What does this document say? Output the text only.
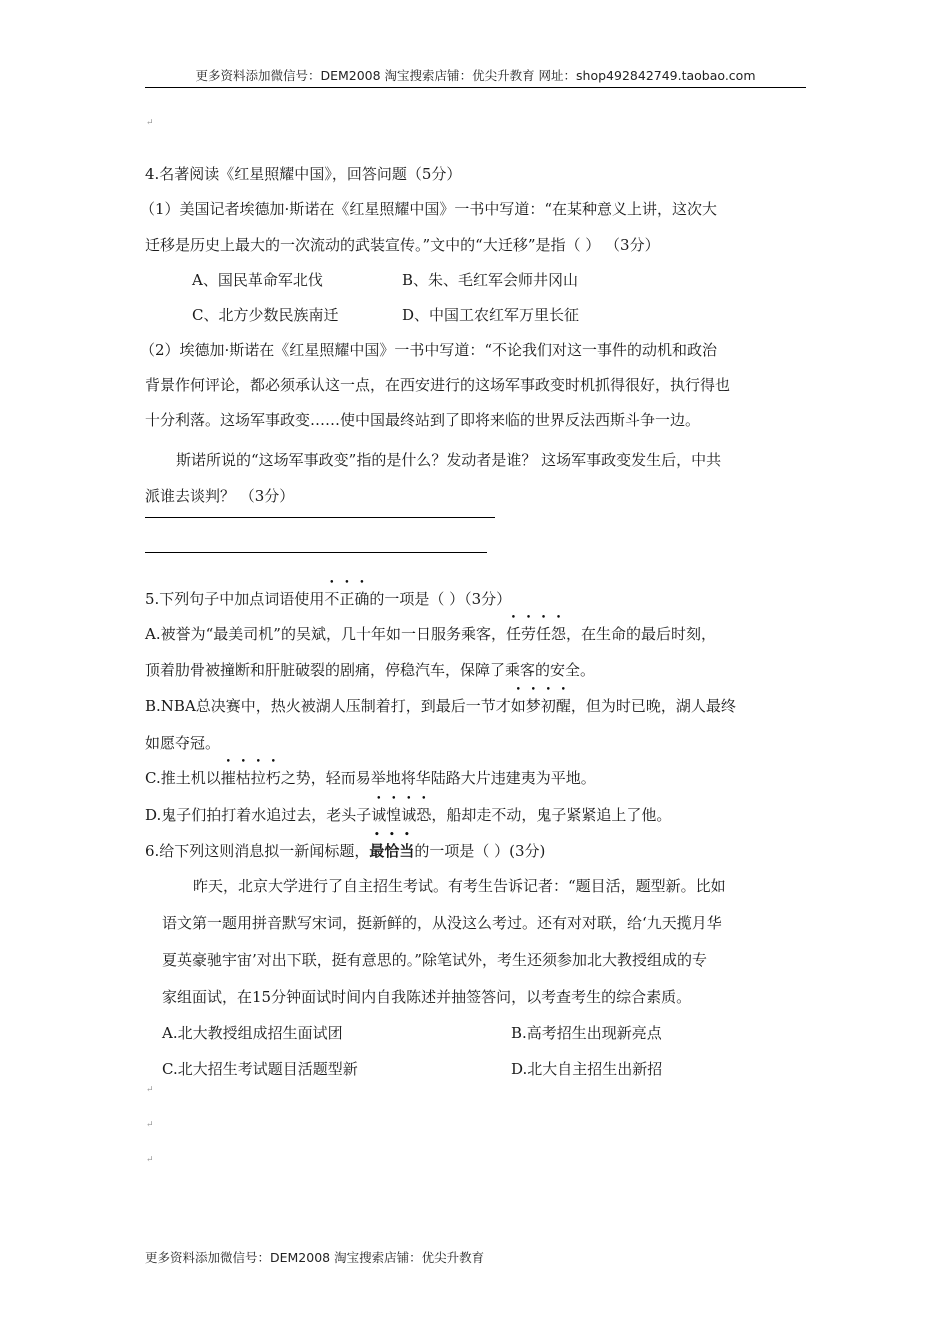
更多资料添加微信号：DEM2008 淘宝搜索店铺：优尖升教育 网址：shop492842749.taobao.com
↵
4.名著阅读《红星照耀中国》，回答问题（5分）
（1）美国记者埃德加·斯诺在《红星照耀中国》一书中写道：“在某种意义上讲，这次大
迁移是历史上最大的一次流动的武装宣传。”文中的“大迁移”是指（ ） （3分）
A、国民革命军北伐	B、朱、毛红军会师井冈山
C、北方少数民族南迁	D、中国工农红军万里长征
（2）埃德加·斯诺在《红星照耀中国》一书中写道：“不论我们对这一事件的动机和政治
背景作何评论，都必须承认这一点，在西安进行的这场军事政变时机抓得很好，执行得也
十分利落。这场军事政变……使中国最终站到了即将来临的世界反法西斯斗争一边。
斯诺所说的“这场军事政变”指的是什么？发动者是谁？ 这场军事政变发生后，中共
派谁去谈判？ （3分）
5.下列句子中加点词语使用不正确的一项是（ ）（3分）
A.被誉为“最美司机”的吴斌，几十年如一日服务乘客，任劳任怨，在生命的最后时刻，
顶着肋骨被撞断和肝脏破裂的剧痛，停稳汽车，保障了乘客的安全。
B.NBA总决赛中，热火被湖人压制着打，到最后一节才如梦初醒，但为时已晚，湖人最终
如愿夺冠。
C.推土机以摧枯拉朽之势，轻而易举地将华陆路大片违建夷为平地。
D.鬼子们拍打着水追过去，老头子诚惶诚恐，船却走不动，鬼子紧紧追上了他。
6.给下列这则消息拟一新闻标题，最恰当的一项是（ ）(3分)
昨天，北京大学进行了自主招生考试。有考生告诉记者：“题目活，题型新。比如
语文第一题用拼音默写宋词，挺新鲜的，从没这么考过。还有对对联，给‘九天揽月华
夏英豪驰宇宙’对出下联，挺有意思的。”除笔试外，考生还须参加北大教授组成的专
家组面试，在15分钟面试时间内自我陈述并抽签答问，以考查考生的综合素质。
A.北大教授组成招生面试团	B.高考招生出现新亮点
C.北大招生考试题目活题型新	D.北大自主招生出新招
↵
↵
↵
更多资料添加微信号：DEM2008 淘宝搜索店铺：优尖升教育
